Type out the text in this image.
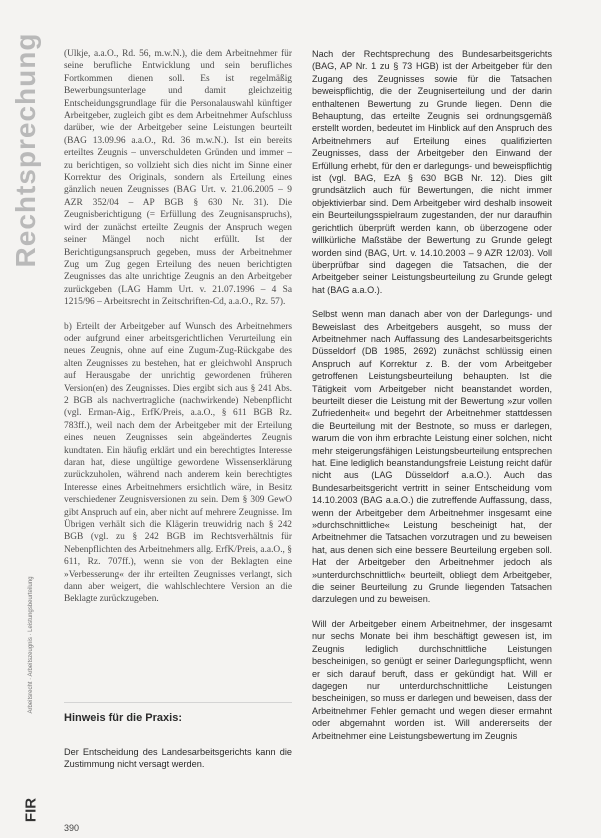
Rechtsprechung
Arbeitsrecht · Arbeitszeugnis · Leistungsbeurteilung
FIR

(Ulkje, a.a.O., Rd. 56, m.w.N.), die dem Arbeitnehmer für seine berufliche Entwicklung und sein berufliches Fortkommen dienen soll. Es ist regelmäßig Bewerbungsunterlage und damit gleichzeitig Entscheidungsgrundlage für die Personalauswahl künftiger Arbeitgeber, zugleich gibt es dem Arbeitnehmer Aufschluss darüber, wie der Arbeitgeber seine Leistungen beurteilt (BAG 13.09.96 a.a.O., Rd. 36 m.w.N.). Ist ein bereits erteiltes Zeugnis – unverschuldeten Gründen und immer – zu berichtigen, so vollzieht sich dies nicht im Sinne einer Korrektur des Originals, sondern als Erteilung eines gänzlich neuen Zeugnisses (BAG Urt. v. 21.06.2005 – 9 AZR 352/04 – AP BGB § 630 Nr. 31). Die Zeugnisberichtigung (= Erfüllung des Zeugnisanspruchs), wird der zunächst erteilte Zeugnis der Anspruch wegen seiner Mängel noch nicht erfüllt. Ist der Berichtigungsanspruch gegeben, muss der Arbeitnehmer Zug um Zug gegen Erteilung des neuen berichtigten Zeugnisses das alte unrichtige Zeugnis an den Arbeitgeber zurückgeben (LAG Hamm Urt. v. 21.07.1996 – 4 Sa 1215/96 – Arbeitsrecht in Zeitschriften-Cd, a.a.O., Rz. 57).

b) Erteilt der Arbeitgeber auf Wunsch des Arbeitnehmers oder aufgrund einer arbeitsgerichtlichen Verurteilung ein neues Zeugnis, ohne auf eine Zugum-Zug-Rückgabe des alten Zeugnisses zu bestehen, hat er gleichwohl Anspruch auf Herausgabe der unrichtig gewordenen früheren Version(en) des Zeugnisses. Dies ergibt sich aus § 241 Abs. 2 BGB als nachvertragliche (nachwirkende) Nebenpflicht (vgl. Erman-Aig., ErfK/Preis, a.a.O., § 611 BGB Rz. 783ff.), weil nach dem der Arbeitgeber mit der Erteilung eines neuen Zeugnisses sein abgeändertes Zeugnis kundtaten. Ein häufig erklärt und ein berechtigtes Interesse daran hat, diese ungültige gewordene Wissenserklärung zurückzuholen, während nach anderem kein berechtigtes Interesse eines Arbeitnehmers ersichtlich wäre, in Besitz verschiedener Zeugnisversionen zu sein. Dem § 309 GewO gibt Anspruch auf ein, aber nicht auf mehrere Zeugnisse. Im Übrigen verhält sich die Klägerin treuwidrig nach § 242 BGB (vgl. zu § 242 BGB im Rechtsverhältnis für Nebenpflichten des Arbeitnehmers allg. ErfK/Preis, a.a.O., § 611, Rz. 707ff.), wenn sie von der Beklagten eine »Verbesserung« der ihr erteilten Zeugnisses verlangt, sich dann aber weigert, die wahlschlechtere Version an die Beklagte zurückzugeben.

Hinweis für die Praxis:
Der Entscheidung des Landesarbeitsgerichts kann die Zustimmung nicht versagt werden.

Nach der Rechtsprechung des Bundesarbeitsgerichts (BAG, AP Nr. 1 zu § 73 HGB) ist der Arbeitgeber für den Zugang des Zeugnisses sowie für die Tatsachen beweispflichtig, die der Zeugniserteilung und der darin enthaltenen Bewertung zu Grunde liegen. Denn die Behauptung, das erteilte Zeugnis sei ordnungsgemäß erstellt worden, bedeutet im Hinblick auf den Anspruch des Arbeitnehmers auf Erteilung eines qualifizierten Zeugnisses, dass der Arbeitgeber den Einwand der Erfüllung erhebt, für den er darlegungs- und beweispflichtig ist (vgl. BAG, EzA § 630 BGB Nr. 12). Dies gilt grundsätzlich auch für Bewertungen, die nicht immer objektivierbar sind. Dem Arbeitgeber wird deshalb insoweit ein Beurteilungsspielraum zugestanden, der nur daraufhin gerichtlich überprüft werden kann, ob überzogene oder willkürliche Maßstäbe der Bewertung zu Grunde gelegt worden sind (BAG, Urt. v. 14.10.2003 – 9 AZR 12/03). Voll überprüfbar sind dagegen die Tatsachen, die der Arbeitgeber seiner Leistungsbeurteilung zu Grunde gelegt hat (BAG a.a.O.).

Selbst wenn man danach aber von der Darlegungs- und Beweislast des Arbeitgebers ausgeht, so muss der Arbeitnehmer nach Auffassung des Landesarbeitsgerichts Düsseldorf (DB 1985, 2692) zunächst schlüssig einen Anspruch auf Korrektur z. B. der vom Arbeitgeber getroffenen Leistungsbeurteilung behaupten. Ist die Tätigkeit vom Arbeitgeber nicht beanstandet worden, beurteilt dieser die Leistung mit der Bewertung »zur vollen Zufriedenheit« und begehrt der Arbeitnehmer stattdessen die Beurteilung mit der Bestnote, so muss er darlegen, warum die von ihm erbrachte Leistung einer solchen, nicht mehr steigerungsfähigen Leistungsbeurteilung entsprechen hat. Eine lediglich beanstandungsfreie Leistung reicht dafür nicht aus (LAG Düsseldorf a.a.O.). Auch das Bundesarbeitsgericht vertritt in seiner Entscheidung vom 14.10.2003 (BAG a.a.O.) die zutreffende Auffassung, dass, wenn der Arbeitgeber dem Arbeitnehmer insgesamt eine »durchschnittliche« Leistung bescheinigt hat, der Arbeitnehmer die Tatsachen vorzutragen und zu beweisen hat, aus denen sich eine bessere Beurteilung ergeben soll. Hat der Arbeitgeber den Arbeitnehmer jedoch als »unterdurchschnittlich« beurteilt, obliegt dem Arbeitgeber, die seiner Beurteilung zu Grunde liegenden Tatsachen darzulegen und zu beweisen.

Will der Arbeitgeber einem Arbeitnehmer, der insgesamt nur sechs Monate bei ihm beschäftigt gewesen ist, im Zeugnis lediglich durchschnittliche Leistungen bescheinigen, so genügt er seiner Darlegungspflicht, wenn er sich darauf beruft, dass er gekündigt hat. Will er dagegen nur unterdurchschnittliche Leistungen bescheinigen, so muss er darlegen und beweisen, dass der Arbeitnehmer Fehler gemacht und wegen dieser ermahnt oder abgemahnt worden ist. Will andererseits der Arbeitnehmer eine Leistungsbewertung im Zeugnis

390
